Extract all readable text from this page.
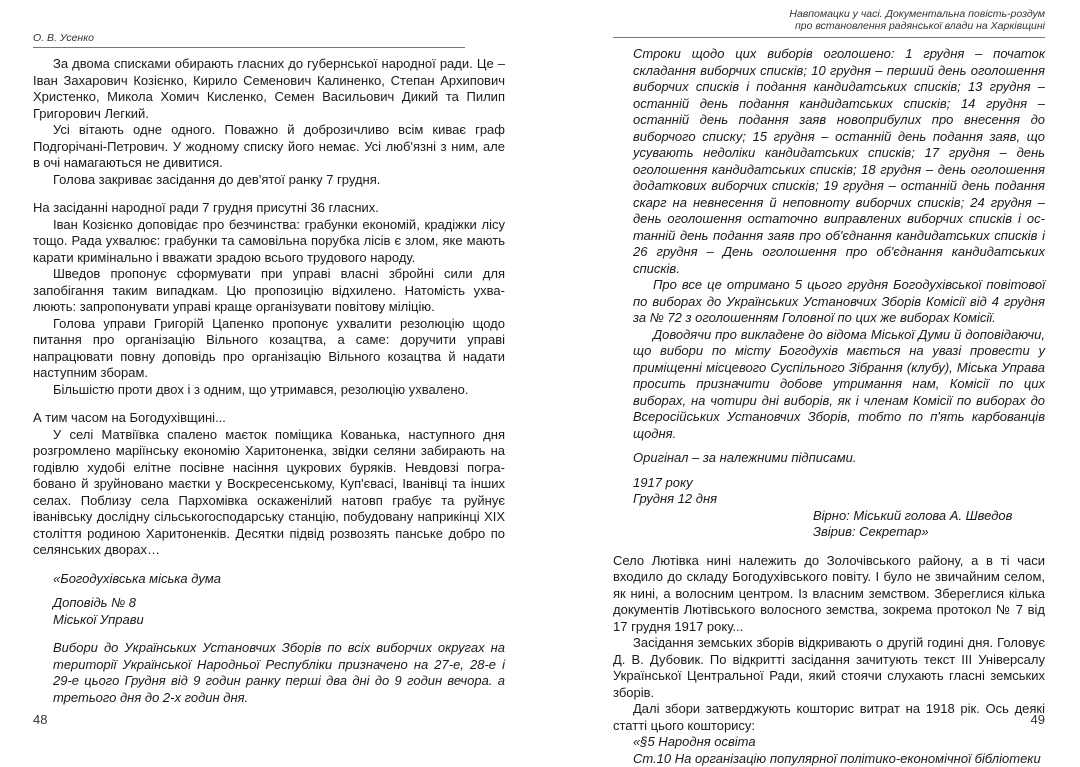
О. В. Усенко

За двома списками обирають гласних до губернської народної ради. Це – Іван Захарович Козієнко, Кирило Семенович Калиненко, Степан Архипович Христенко, Микола Хомич Кисленко, Семен Васильович Дикий та Пилип Григорович Легкий.

Усі вітають одне одного. Поважно й доброзичливо всім киває граф Подгорічані-Петрович. У жодному списку його немає. Усі люб'язні з ним, але в очі намагаються не дивитися.

Голова закриває засідання до дев'ятої ранку 7 грудня.

На засіданні народної ради 7 грудня присутні 36 гласних.

Іван Козієнко доповідає про безчинства: грабунки економій, крадіжки лісу тощо. Рада ухвалює: грабунки та самовільна порубка лісів є злом, яке мають карати кримінально і вважати зрадою всього трудового народу.

Шведов пропонує сформувати при управі власні збройні сили для запобігання таким випадкам. Цю пропозицію відхилено. Натомість ухвалюють: запропонувати управі краще організувати повітову міліцію.

Голова управи Григорій Цапенко пропонує ухвалити резолюцію щодо питання про організацію Вільного козацтва, а саме: доручити управі напрацювати повну доповідь про організацію Вільного козацтва й надати наступним зборам.

Більшістю проти двох і з одним, що утримався, резолюцію ухвалено.

А тим часом на Богодухівщині...

У селі Матвіївка спалено маєток поміщика Кованька, наступного дня розгромлено маріїнську економію Харитоненка, звідки селяни забирають на годівлю худобі елітне посівне насіння цукрових буряків. Невдовзі пограбовано й зруйновано маєтки у Воскресенському, Куп'євасі, Іванівці та інших селах. Поблизу села Пархомівка оскаженілий натовп грабує та руйнує іванівську дослідну сільськогосподарську станцію, побудовану наприкінці XIX століття родиною Харитоненків. Десятки підвід розвозять панське добро по селянських дворах…

«Богодухівська міська дума

Доповідь № 8

Міської Управи

Вибори до Українських Установчих Зборів по всіх виборчих округах на території Української Народньої Республіки призначено на 27-е, 28-е і 29-е цього Грудня від 9 годин ранку перші два дні до 9 годин вечора. а третього дня до 2-х годин дня.

48
Навпомацки у часі. Документальна повість-роздум
про встановлення радянської влади на Харківщині

Строки щодо цих виборів оголошено: 1 грудня – початок складання виборчих списків; 10 грудня – перший день оголошення виборчих списків і подання кандидатських списків; 13 грудня – останній день подання кандидатських списків; 14 грудня – останній день подання заяв новoприбулих про внесення до виборчого списку; 15 грудня – останній день подання заяв, що усувають недоліки кандидатських списків; 17 грудня – день оголошення кандидатських списків; 18 грудня – день оголошення додаткових виборчих списків; 19 грудня – останній день подання скарг на невнесення й неповноту виборчих списків; 24 грудня – день оголошення остаточно виправлених виборчих списків і останній день подання заяв про об'єднання кандидатських списків і 26 грудня – День оголошення про об'єднання кандидатських списків.

Про все це отримано 5 цього грудня Богодухівської повітової по виборах до Українських Установчих Зборів Комісії від 4 грудня за № 72 з оголошенням Головної по цих же виборах Комісії.

Доводячи про викладене до відома Міської Думи й доповідаючи, що вибори по місту Богодухів мається на увазі провести у приміщенні місцевого Суспільного Зібрання (клубу), Міська Управа просить призначити добове утримання нам, Комісії по цих виборах, на чотири дні виборів, як і членам Комісії по виборах до Всеросійських Установчих Зборів, тобто по п'ять карбованців щодня.

Оригінал – за належними підписами.

1917 року

Грудня 12 дня

Вірно: Міський голова А. Шведов

Звірив: Секретар»

Село Лютівка нині належить до Золочівського району, а в ті часи входило до складу Богодухівського повіту. І було не звичайним селом, як нині, а волосним центром. Із власним земством. Збереглися кілька документів Лютівського волосного земства, зокрема протокол № 7 від 17 грудня 1917 року...

Засідання земських зборів відкривають о другій годині дня. Головує Д. В. Дубовик. По відкритті засідання зачитують текст III Універсалу Української Центральної Ради, який стоячи слухають гласні земських зборів.

Далі збори затверджують кошторис витрат на 1918 рік. Ось деякі статті цього кошторису:

«§5 Народня освіта

Ст.10 На організацію популярної політико-економічної бібліотеки

49
